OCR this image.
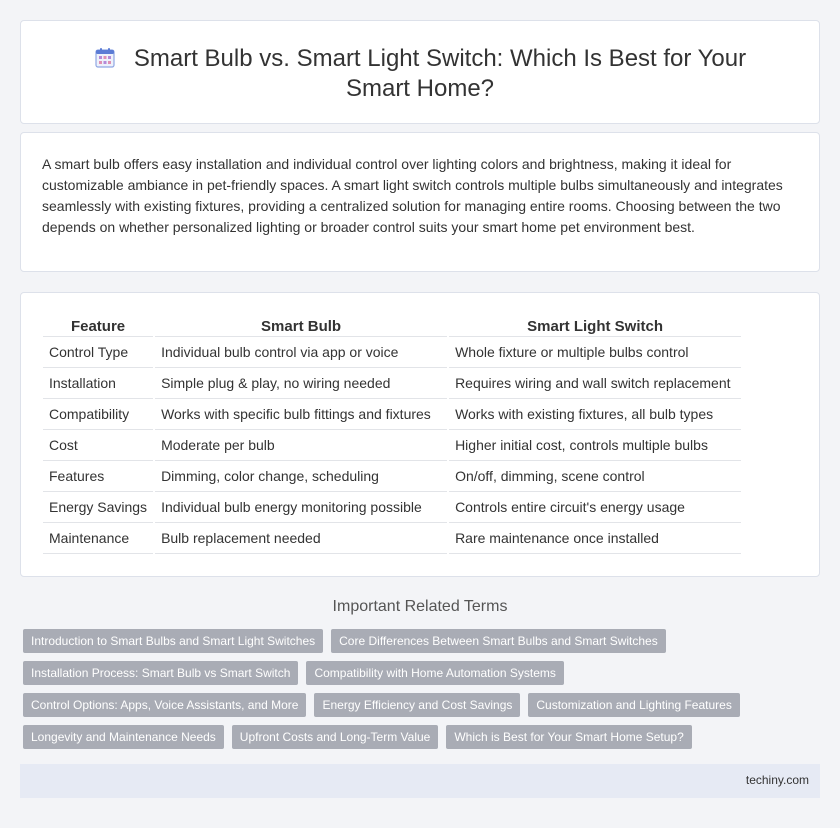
Smart Bulb vs. Smart Light Switch: Which Is Best for Your Smart Home?

A smart bulb offers easy installation and individual control over lighting colors and brightness, making it ideal for customizable ambiance in pet-friendly spaces. A smart light switch controls multiple bulbs simultaneously and integrates seamlessly with existing fixtures, providing a centralized solution for managing entire rooms. Choosing between the two depends on whether personalized lighting or broader control suits your smart home pet environment best.

Feature	Smart Bulb	Smart Light Switch
Control Type	Individual bulb control via app or voice	Whole fixture or multiple bulbs control
Installation	Simple plug & play, no wiring needed	Requires wiring and wall switch replacement
Compatibility	Works with specific bulb fittings and fixtures	Works with existing fixtures, all bulb types
Cost	Moderate per bulb	Higher initial cost, controls multiple bulbs
Features	Dimming, color change, scheduling	On/off, dimming, scene control
Energy Savings	Individual bulb energy monitoring possible	Controls entire circuit's energy usage
Maintenance	Bulb replacement needed	Rare maintenance once installed
Important Related Terms
Introduction to Smart Bulbs and Smart Light Switches	Core Differences Between Smart Bulbs and Smart Switches
Installation Process: Smart Bulb vs Smart Switch	Compatibility with Home Automation Systems
Control Options: Apps, Voice Assistants, and More	Energy Efficiency and Cost Savings	Customization and Lighting Features
Longevity and Maintenance Needs	Upfront Costs and Long-Term Value	Which is Best for Your Smart Home Setup?
techiny.com
